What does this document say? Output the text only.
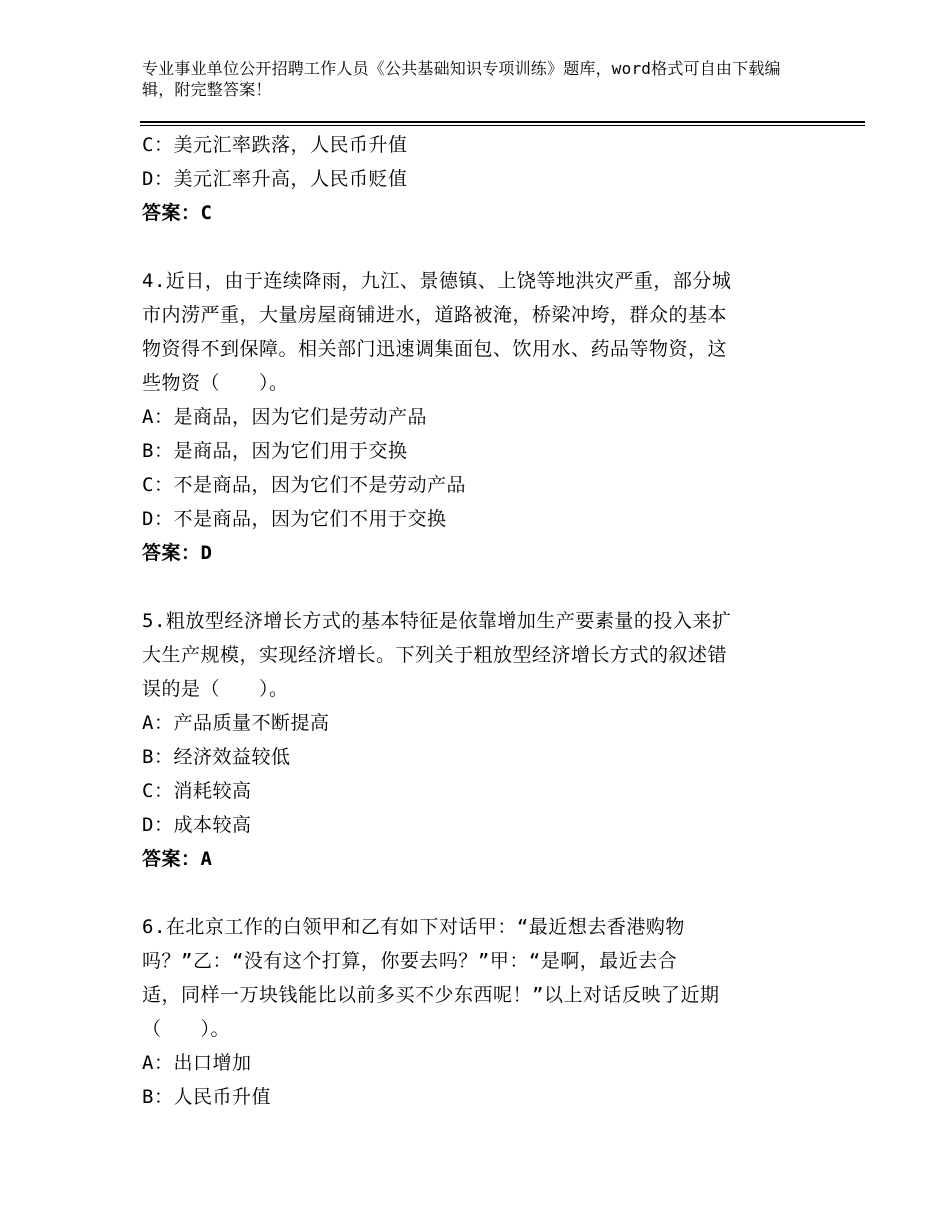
专业事业单位公开招聘工作人员《公共基础知识专项训练》题库，word格式可自由下载编辑，附完整答案！
C：美元汇率跌落，人民币升值
D：美元汇率升高，人民币贬值
答案：C
4.近日，由于连续降雨，九江、景德镇、上饶等地洪灾严重，部分城
市内涝严重，大量房屋商铺进水，道路被淹，桥梁冲垮，群众的基本
物资得不到保障。相关部门迅速调集面包、饮用水、药品等物资，这
些物资（　　）。
A：是商品，因为它们是劳动产品
B：是商品，因为它们用于交换
C：不是商品，因为它们不是劳动产品
D：不是商品，因为它们不用于交换
答案：D
5.粗放型经济增长方式的基本特征是依靠增加生产要素量的投入来扩
大生产规模，实现经济增长。下列关于粗放型经济增长方式的叙述错
误的是（　　）。
A：产品质量不断提高
B：经济效益较低
C：消耗较高
D：成本较高
答案：A
6.在北京工作的白领甲和乙有如下对话甲：“最近想去香港购物
吗？”乙：“没有这个打算，你要去吗？”甲：“是啊，最近去合
适，同样一万块钱能比以前多买不少东西呢！”以上对话反映了近期
（　　）。
A：出口增加
B：人民币升值
